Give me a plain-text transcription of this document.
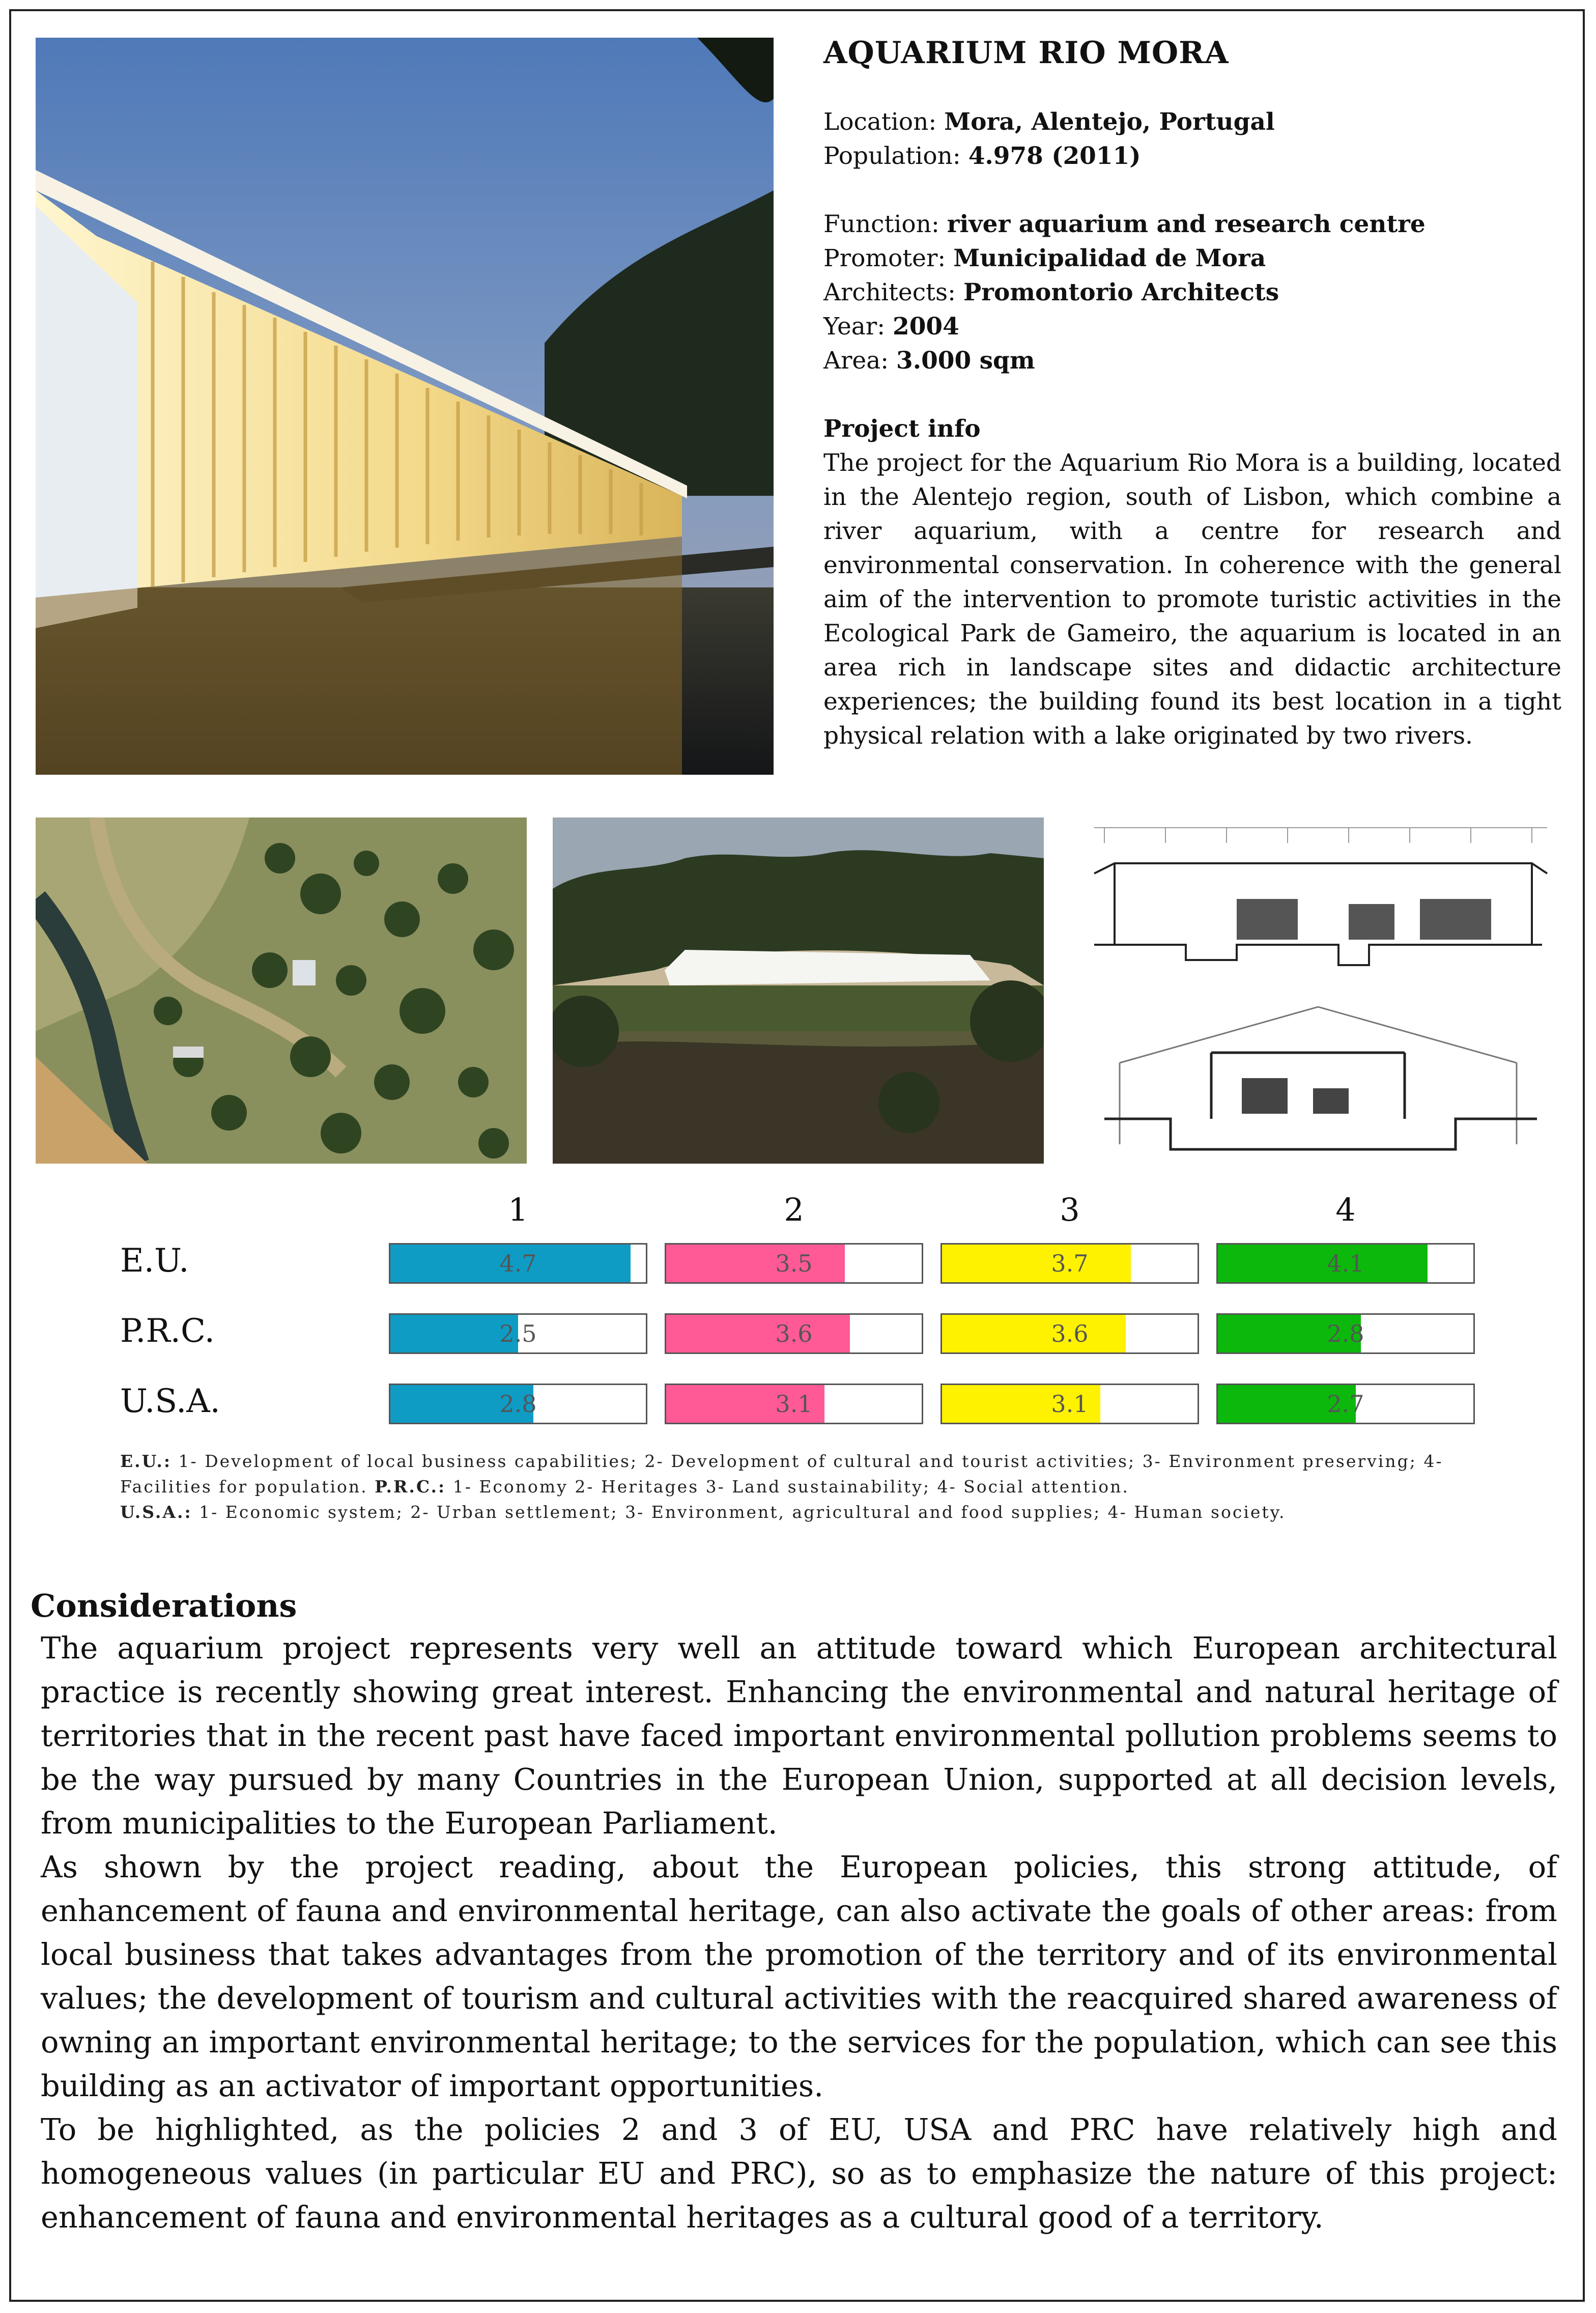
AQUARIUM RIO MORA
Location: Mora, Alentejo, Portugal
Population: 4.978 (2011)
Function: river aquarium and research centre
Promoter: Municipalidad de Mora
Architects: Promontorio Architects
Year: 2004
Area: 3.000 sqm
Project info
The project for the Aquarium Rio Mora is a building, located in the Alentejo region, south of Lisbon, which combine a river aquarium, with a centre for research and environmental conservation. In coherence with the general aim of the intervention to promote turistic activities in the Ecological Park de Gameiro, the aquarium is located in an area rich in landscape sites and didactic architecture experiences; the building found its best location in a tight physical relation with a lake originated by two rivers.
1	2	3	4
E.U.	4.7	3.5	3.7	4.1
P.R.C.	2.5	3.6	3.6	2.8
U.S.A.	2.8	3.1	3.1	2.7
E.U.: 1- Development of local business capabilities; 2- Development of cultural and tourist activities; 3- Environment preserving; 4- Facilities for population. P.R.C.: 1- Economy 2- Heritages 3- Land sustainability; 4- Social attention.
U.S.A.: 1- Economic system; 2- Urban settlement; 3- Environment, agricultural and food supplies; 4- Human society.
Considerations

The aquarium project represents very well an attitude toward which European architectural practice is recently showing great interest. Enhancing the environmental and natural heritage of territories that in the recent past have faced important environmental pollution problems seems to be the way pursued by many Countries in the European Union, supported at all decision levels, from municipalities to the European Parliament.

As shown by the project reading, about the European policies, this strong attitude, of enhancement of fauna and environmental heritage, can also activate the goals of other areas: from local business that takes advantages from the promotion of the territory and of its environmental values; the development of tourism and cultural activities with the reacquired shared awareness of owning an important environmental heritage; to the services for the population, which can see this building as an activator of important opportunities.

To be highlighted, as the policies 2 and 3 of EU, USA and PRC have relatively high and homogeneous values (in particular EU and PRC), so as to emphasize the nature of this project: enhancement of fauna and environmental heritages as a cultural good of a territory.
